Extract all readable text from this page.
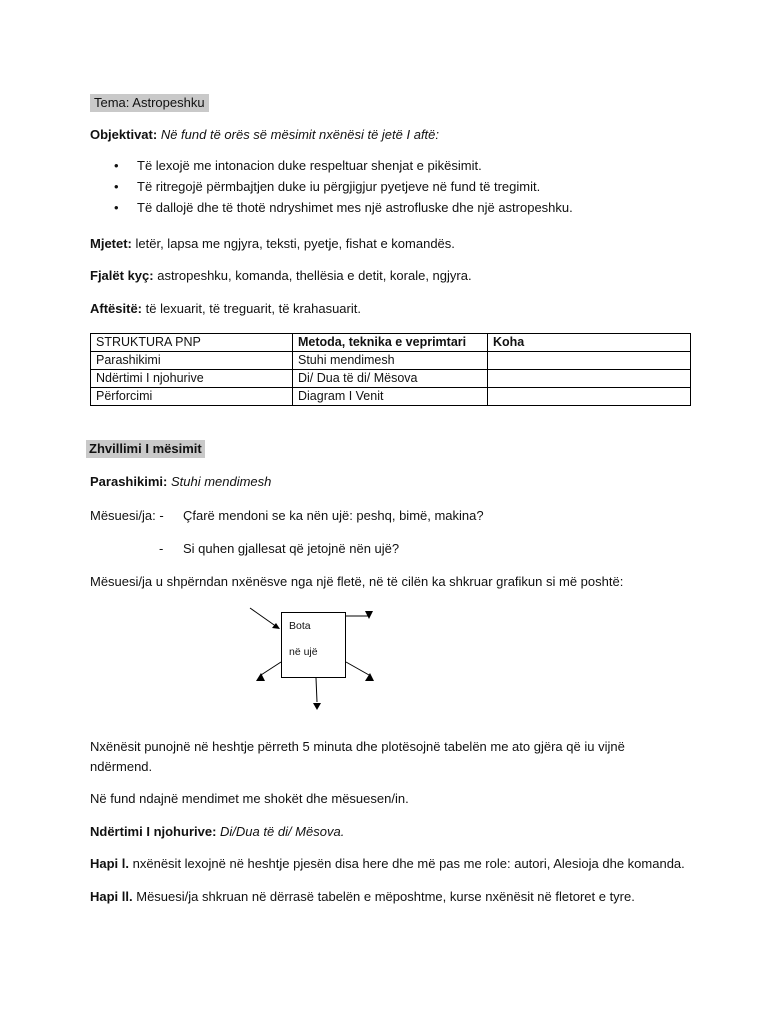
Tema: Astropeshku
Objektivat: Në fund të orës së mësimit nxënësi të jetë I aftë:
• Të lexojë me intonacion duke respeltuar shenjat e pikësimit.
• Të ritregojë përmbajtjen duke iu përgjigjur pyetjeve në fund të tregimit.
• Të dallojë dhe të thotë ndryshimet mes një astrofluske dhe një astropeshku.
Mjetet: letër, lapsa me ngjyra, teksti, pyetje, fishat e komandës.
Fjalët kyç: astropeshku, komanda, thellësia e detit, korale, ngjyra.
Aftësitë: të lexuarit, të treguarit, të krahasuarit.
STRUKTURA PNP	Metoda, teknika e veprimtari	Koha
Parashikimi	Stuhi mendimesh	
Ndërtimi I njohurive	Di/ Dua të di/ Mësova	
Përforcimi	Diagram I Venit	
Zhvillimi I mësimit
Parashikimi: Stuhi mendimesh
Mësuesi/ja: - Çfarë mendoni se ka nën ujë: peshq, bimë, makina?
- Si quhen gjallesat që jetojnë nën ujë?
Mësuesi/ja u shpërndan nxënësve nga një fletë, në të cilën ka shkruar grafikun si më poshtë:
Bota
në ujë
Nxënësit punojnë në heshtje përreth 5 minuta dhe plotësojnë tabelën me ato gjëra që iu vijnë
ndërmend.
Në fund ndajnë mendimet me shokët dhe mësuesen/in.
Ndërtimi I njohurive: Di/Dua të di/ Mësova.
Hapi l. nxënësit lexojnë në heshtje pjesën disa here dhe më pas me role: autori, Alesioja dhe komanda.
Hapi ll. Mësuesi/ja shkruan në dërrasë tabelën e mëposhtme, kurse nxënësit në fletoret e tyre.
